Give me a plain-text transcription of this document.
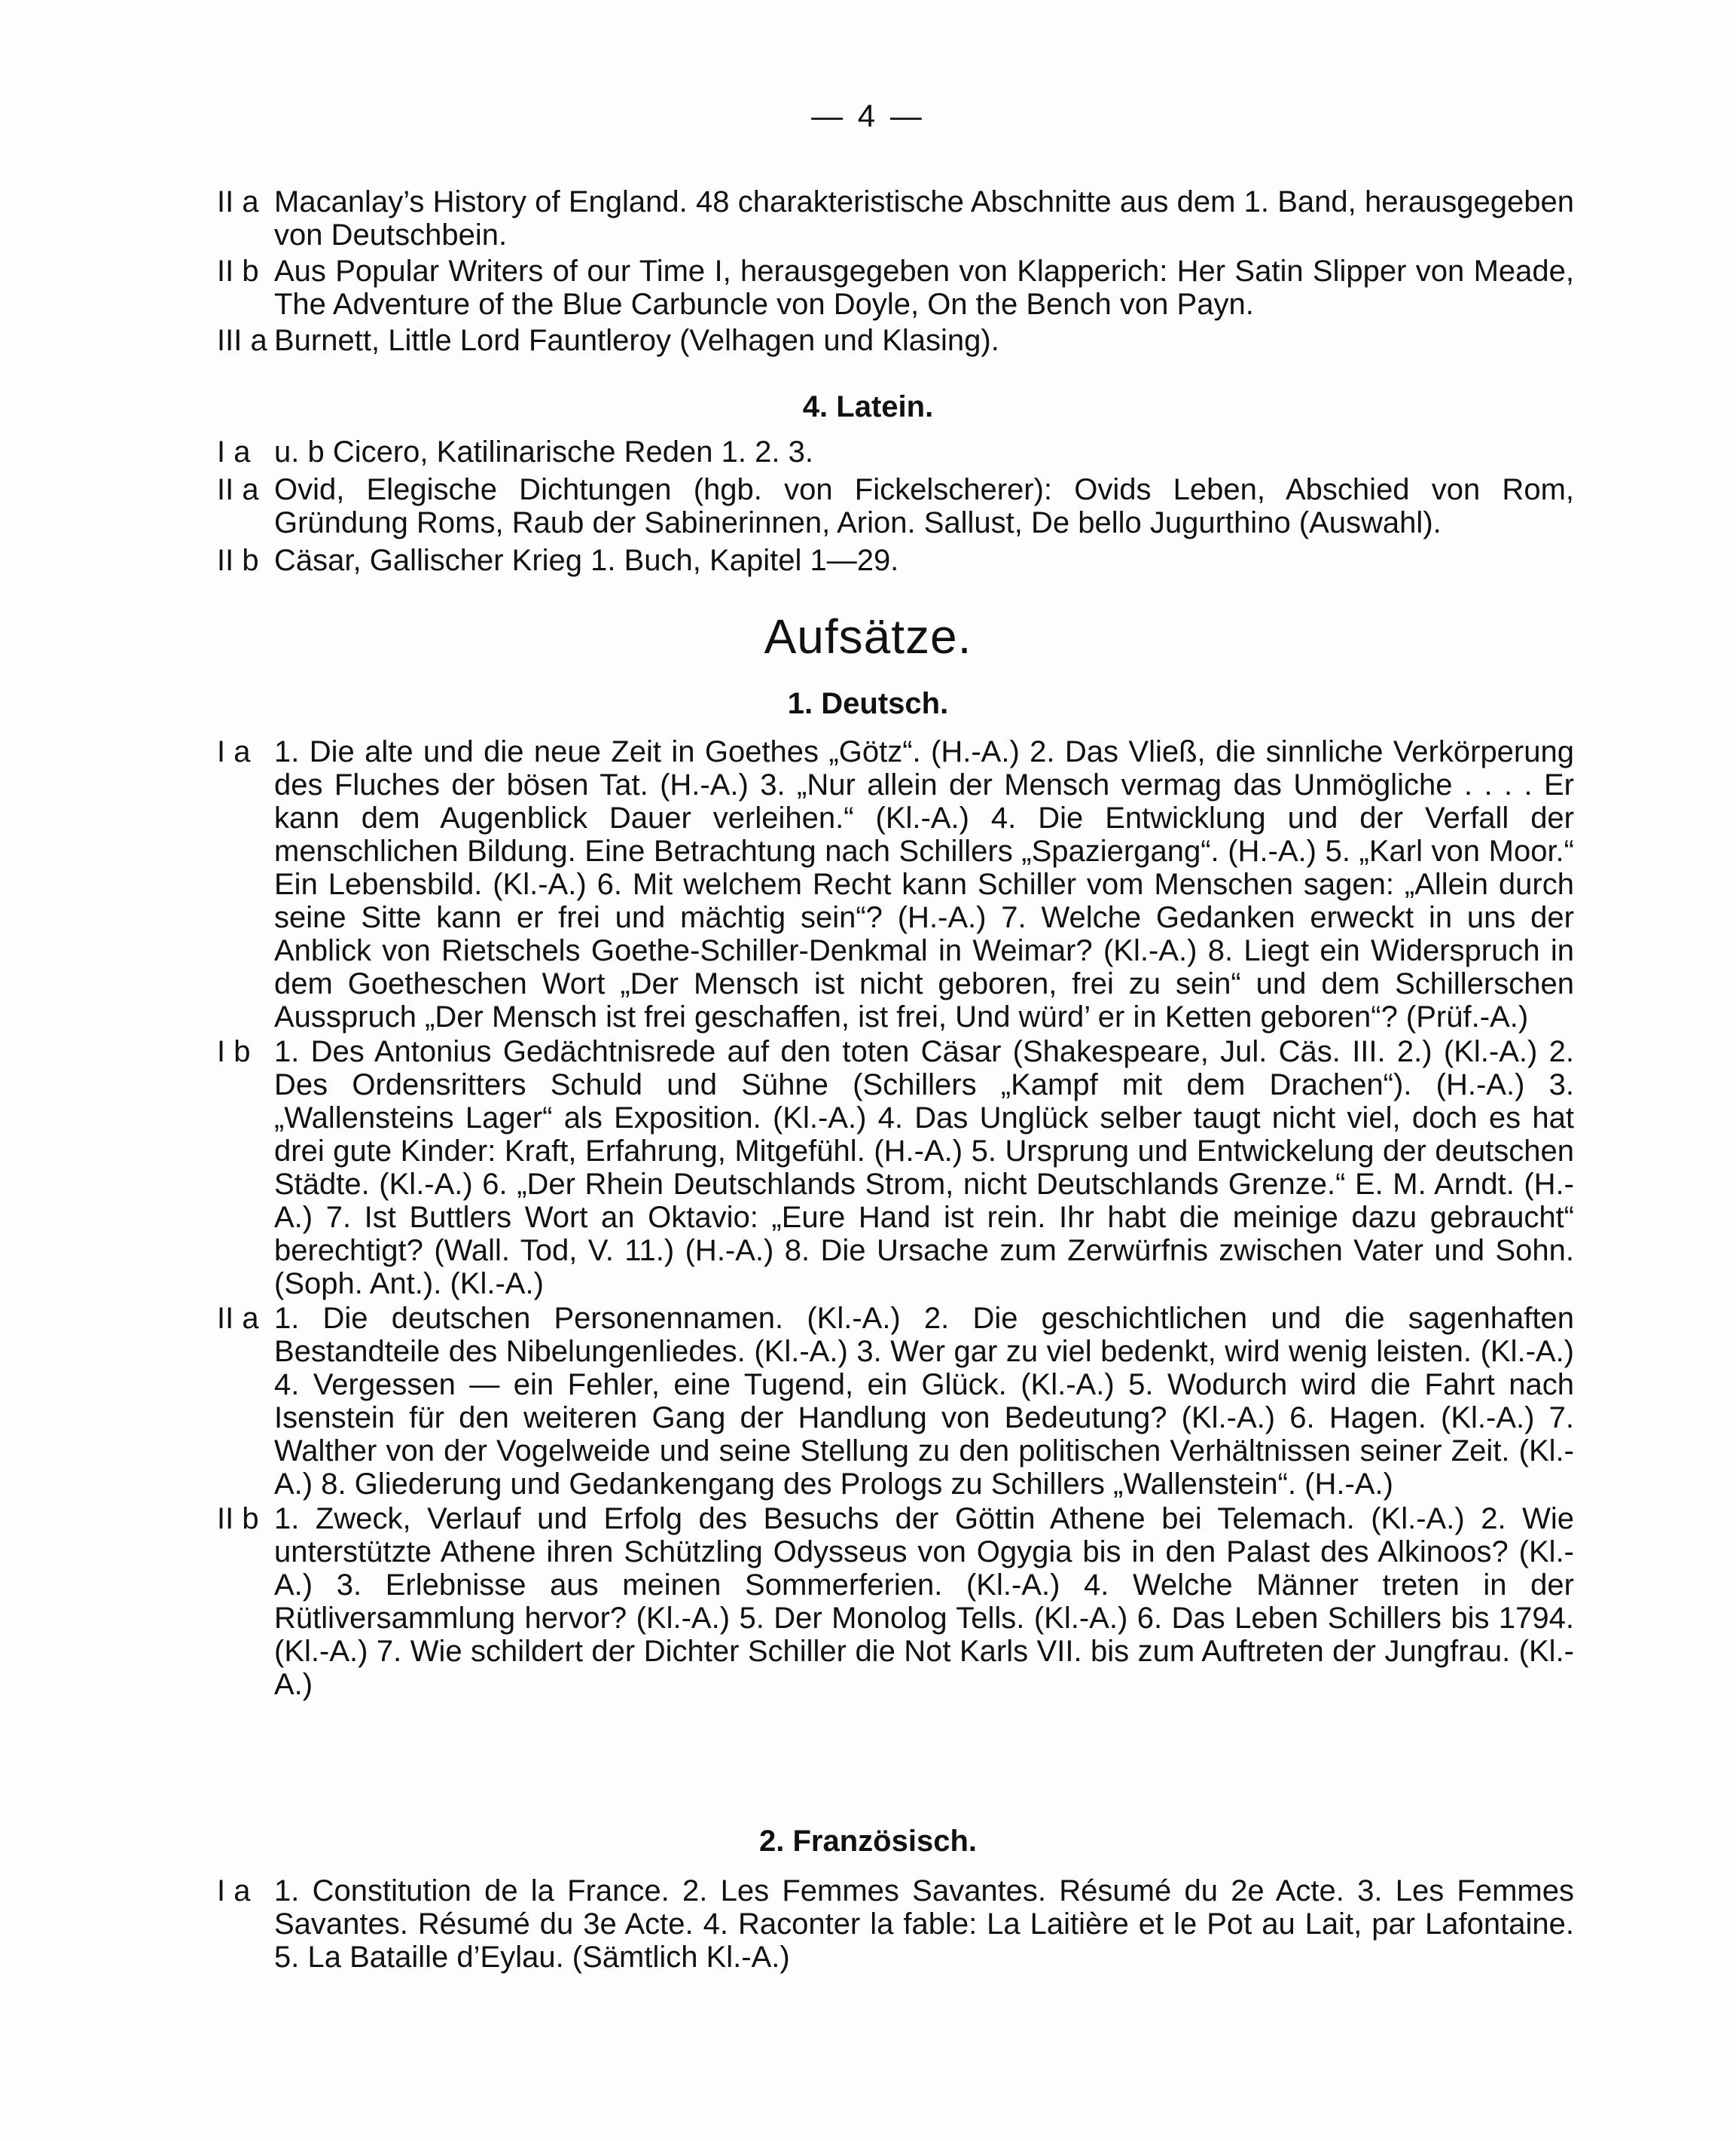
— 4 —
II a Macanlay’s History of England. 48 charakteristische Abschnitte aus dem 1. Band, herausgegeben von Deutschbein.
II b Aus Popular Writers of our Time I, herausgegeben von Klapperich: Her Satin Slipper von Meade, The Adventure of the Blue Carbuncle von Doyle, On the Bench von Payn.
III a Burnett, Little Lord Fauntleroy (Velhagen und Klasing).
4. Latein.
I a u. b Cicero, Katilinarische Reden 1. 2. 3.
II a Ovid, Elegische Dichtungen (hgb. von Fickelscherer): Ovids Leben, Abschied von Rom, Gründung Roms, Raub der Sabinerinnen, Arion. Sallust, De bello Jugurthino (Auswahl).
II b Cäsar, Gallischer Krieg 1. Buch, Kapitel 1—29.
Aufsätze.
1. Deutsch.
I a 1. Die alte und die neue Zeit in Goethes „Götz“. (H.-A.) 2. Das Vließ, die sinnliche Verkörperung des Fluches der bösen Tat. (H.-A.) 3. „Nur allein der Mensch vermag das Unmögliche . . . . Er kann dem Augenblick Dauer verleihen.“ (Kl.-A.) 4. Die Entwicklung und der Verfall der menschlichen Bildung. Eine Betrachtung nach Schillers „Spaziergang“. (H.-A.) 5. „Karl von Moor.“ Ein Lebensbild. (Kl.-A.) 6. Mit welchem Recht kann Schiller vom Menschen sagen: „Allein durch seine Sitte kann er frei und mächtig sein“? (H.-A.) 7. Welche Gedanken erweckt in uns der Anblick von Rietschels Goethe-Schiller-Denkmal in Weimar? (Kl.-A.) 8. Liegt ein Widerspruch in dem Goetheschen Wort „Der Mensch ist nicht geboren, frei zu sein“ und dem Schillerschen Ausspruch „Der Mensch ist frei geschaffen, ist frei, Und würd’ er in Ketten geboren“? (Prüf.-A.)
I b 1. Des Antonius Gedächtnisrede auf den toten Cäsar (Shakespeare, Jul. Cäs. III. 2.) (Kl.-A.) 2. Des Ordensritters Schuld und Sühne (Schillers „Kampf mit dem Drachen“). (H.-A.) 3. „Wallensteins Lager“ als Exposition. (Kl.-A.) 4. Das Unglück selber taugt nicht viel, doch es hat drei gute Kinder: Kraft, Erfahrung, Mitgefühl. (H.-A.) 5. Ursprung und Entwickelung der deutschen Städte. (Kl.-A.) 6. „Der Rhein Deutschlands Strom, nicht Deutschlands Grenze.“ E. M. Arndt. (H.-A.) 7. Ist Buttlers Wort an Oktavio: „Eure Hand ist rein. Ihr habt die meinige dazu gebraucht“ berechtigt? (Wall. Tod, V. 11.) (H.-A.) 8. Die Ursache zum Zerwürfnis zwischen Vater und Sohn. (Soph. Ant.). (Kl.-A.)
II a 1. Die deutschen Personennamen. (Kl.-A.) 2. Die geschichtlichen und die sagenhaften Bestandteile des Nibelungenliedes. (Kl.-A.) 3. Wer gar zu viel bedenkt, wird wenig leisten. (Kl.-A.) 4. Vergessen — ein Fehler, eine Tugend, ein Glück. (Kl.-A.) 5. Wodurch wird die Fahrt nach Isenstein für den weiteren Gang der Handlung von Bedeutung? (Kl.-A.) 6. Hagen. (Kl.-A.) 7. Walther von der Vogelweide und seine Stellung zu den politischen Verhältnissen seiner Zeit. (Kl.-A.) 8. Gliederung und Gedankengang des Prologs zu Schillers „Wallenstein“. (H.-A.)
II b 1. Zweck, Verlauf und Erfolg des Besuchs der Göttin Athene bei Telemach. (Kl.-A.) 2. Wie unterstützte Athene ihren Schützling Odysseus von Ogygia bis in den Palast des Alkinoos? (Kl.-A.) 3. Erlebnisse aus meinen Sommerferien. (Kl.-A.) 4. Welche Männer treten in der Rütliversammlung hervor? (Kl.-A.) 5. Der Monolog Tells. (Kl.-A.) 6. Das Leben Schillers bis 1794. (Kl.-A.) 7. Wie schildert der Dichter Schiller die Not Karls VII. bis zum Auftreten der Jungfrau. (Kl.-A.)
2. Französisch.
I a 1. Constitution de la France. 2. Les Femmes Savantes. Résumé du 2e Acte. 3. Les Femmes Savantes. Résumé du 3e Acte. 4. Raconter la fable: La Laitière et le Pot au Lait, par Lafontaine. 5. La Bataille d’Eylau. (Sämtlich Kl.-A.)
